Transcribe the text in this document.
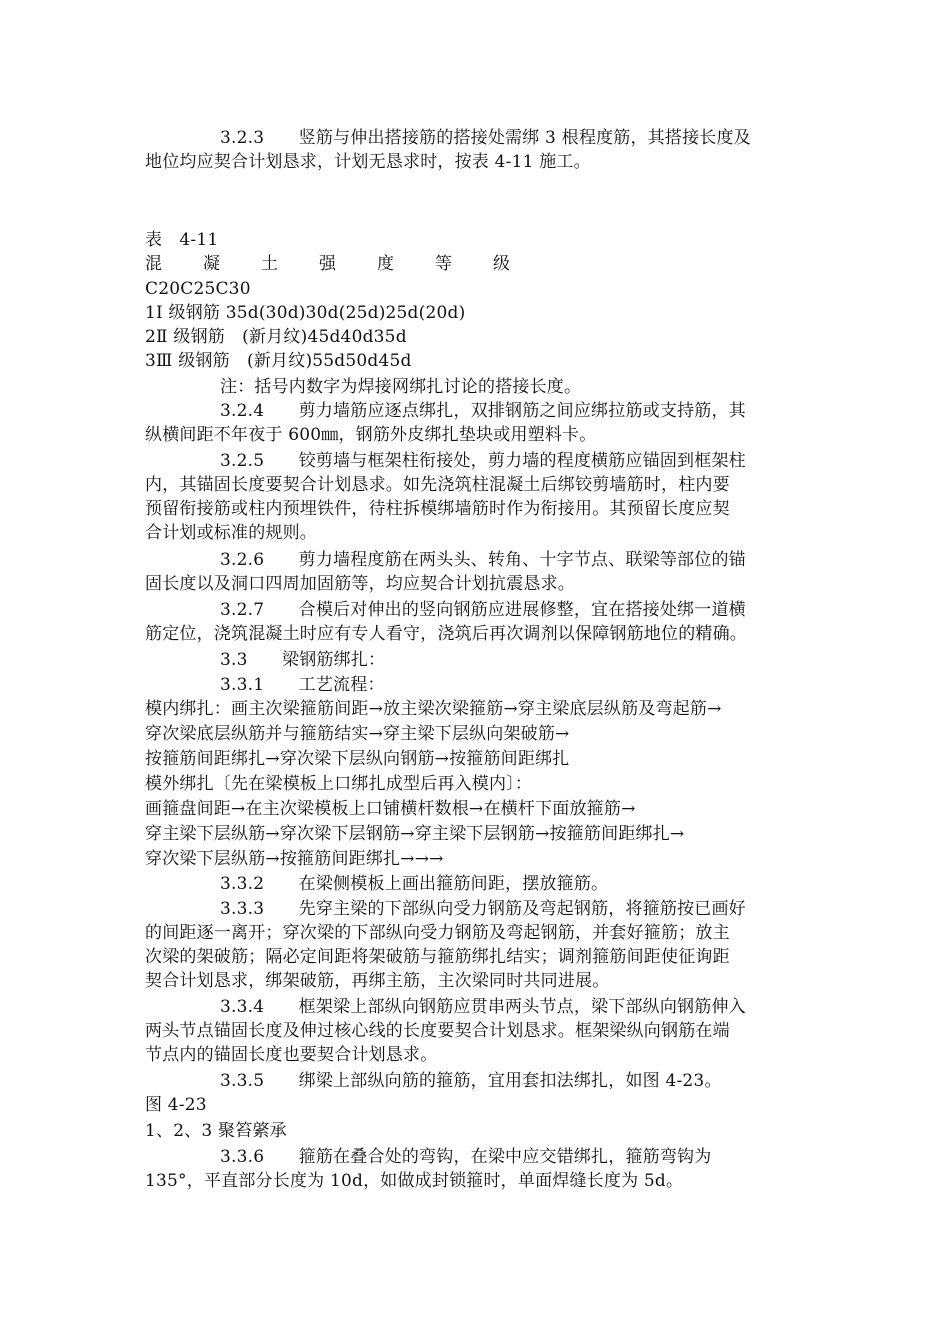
3.2.3　　竖筋与伸出搭接筋的搭接处需绑 3 根程度筋，其搭接长度及
地位均应契合计划恳求，计划无恳求时，按表 4-11 施工。
表　4-11
混 凝 土 强 度 等 级
C20C25C30
1Ⅰ 级钢筋 35d(30d)30d(25d)25d(20d)
2Ⅱ 级钢筋　(新月纹)45d40d35d
3Ⅲ 级钢筋　(新月纹)55d50d45d
注：括号内数字为焊接网绑扎讨论的搭接长度。
3.2.4　　剪力墙筋应逐点绑扎，双排钢筋之间应绑拉筋或支持筋，其
纵横间距不年夜于 600㎜，钢筋外皮绑扎垫块或用塑料卡。
3.2.5　　铰剪墙与框架柱衔接处，剪力墙的程度横筋应锚固到框架柱
内，其锚固长度要契合计划恳求。如先浇筑柱混凝土后绑铰剪墙筋时，柱内要
预留衔接筋或柱内预埋铁件，待柱拆模绑墙筋时作为衔接用。其预留长度应契
合计划或标准的规则。
3.2.6　　剪力墙程度筋在两头头、转角、十字节点、联梁等部位的锚
固长度以及洞口四周加固筋等，均应契合计划抗震恳求。
3.2.7　　合模后对伸出的竖向钢筋应进展修整，宜在搭接处绑一道横
筋定位，浇筑混凝土时应有专人看守，浇筑后再次调剂以保障钢筋地位的精确。
3.3　　梁钢筋绑扎：
3.3.1　　工艺流程：
模内绑扎：画主次梁箍筋间距→放主梁次梁箍筋→穿主梁底层纵筋及弯起筋→
穿次梁底层纵筋并与箍筋结实→穿主梁下层纵向架破筋→
按箍筋间距绑扎→穿次梁下层纵向钢筋→按箍筋间距绑扎
模外绑扎〔先在梁模板上口绑扎成型后再入模内〕：
画箍盘间距→在主次梁模板上口铺横杆数根→在横杆下面放箍筋→
穿主梁下层纵筋→穿次梁下层钢筋→穿主梁下层钢筋→按箍筋间距绑扎→
穿次梁下层纵筋→按箍筋间距绑扎→→→
3.3.2　　在梁侧模板上画出箍筋间距，摆放箍筋。
3.3.3　　先穿主梁的下部纵向受力钢筋及弯起钢筋，将箍筋按已画好
的间距逐一离开；穿次梁的下部纵向受力钢筋及弯起钢筋，并套好箍筋；放主
次梁的架破筋；隔必定间距将架破筋与箍筋绑扎结实；调剂箍筋间距使征询距
契合计划恳求，绑架破筋，再绑主筋，主次梁同时共同进展。
3.3.4　　框架梁上部纵向钢筋应贯串两头节点，梁下部纵向钢筋伸入
两头节点锚固长度及伸过核心线的长度要契合计划恳求。框架梁纵向钢筋在端
节点内的锚固长度也要契合计划恳求。
3.3.5　　绑梁上部纵向筋的箍筋，宜用套扣法绑扎，如图 4-23。
图 4-23
1、2、3 聚笞綮承
3.3.6　　箍筋在叠合处的弯钩，在梁中应交错绑扎，箍筋弯钩为
135°，平直部分长度为 10d，如做成封锁箍时，单面焊缝长度为 5d。
